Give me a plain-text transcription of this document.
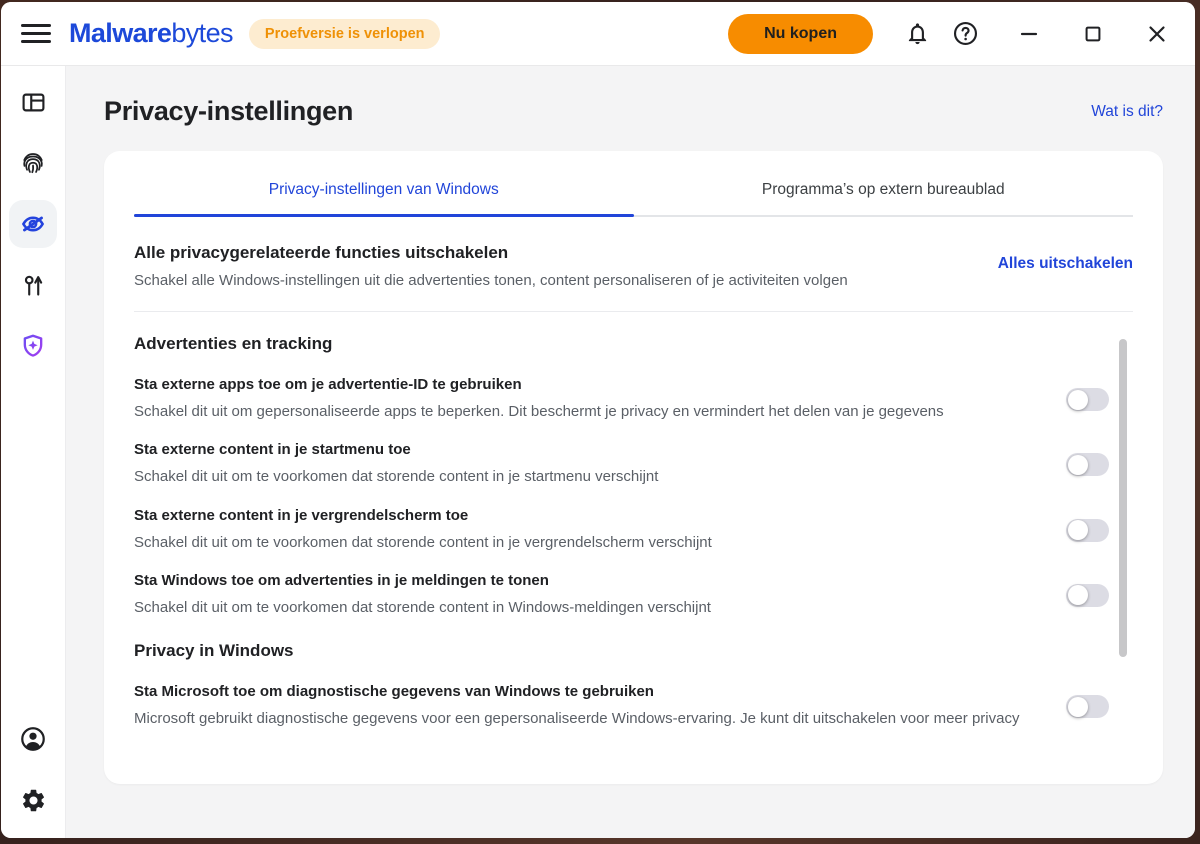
Malwarebytes	Proefversie is verlopen	Nu kopen
Privacy-instellingen	Wat is dit?
Privacy-instellingen van Windows	Programma’s op extern bureaublad
Alle privacygerelateerde functies uitschakelen
Schakel alle Windows-instellingen uit die advertenties tonen, content personaliseren of je activiteiten volgen
Alles uitschakelen
Advertenties en tracking
Sta externe apps toe om je advertentie-ID te gebruiken
Schakel dit uit om gepersonaliseerde apps te beperken. Dit beschermt je privacy en vermindert het delen van je gegevens
Sta externe content in je startmenu toe
Schakel dit uit om te voorkomen dat storende content in je startmenu verschijnt
Sta externe content in je vergrendelscherm toe
Schakel dit uit om te voorkomen dat storende content in je vergrendelscherm verschijnt
Sta Windows toe om advertenties in je meldingen te tonen
Schakel dit uit om te voorkomen dat storende content in Windows-meldingen verschijnt
Privacy in Windows
Sta Microsoft toe om diagnostische gegevens van Windows te gebruiken
Microsoft gebruikt diagnostische gegevens voor een gepersonaliseerde Windows-ervaring. Je kunt dit uitschakelen voor meer privacy
